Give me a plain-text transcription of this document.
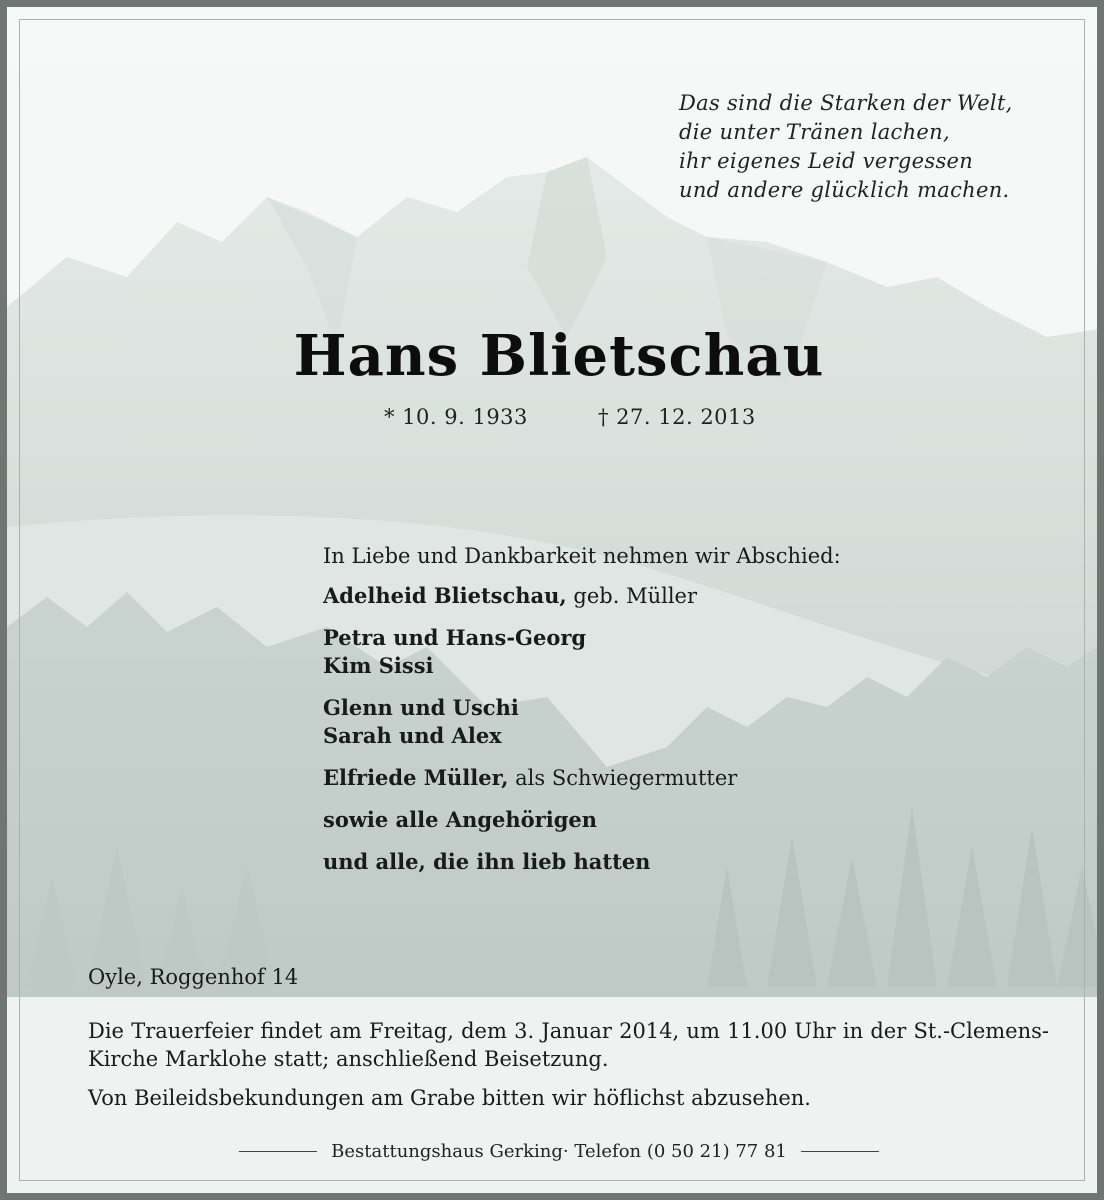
Das sind die Starken der Welt,
die unter Tränen lachen,
ihr eigenes Leid vergessen
und andere glücklich machen.
Hans Blietschau
* 10. 9. 1933	† 27. 12. 2013
In Liebe und Dankbarkeit nehmen wir Abschied:
Adelheid Blietschau, geb. Müller
Petra und Hans-Georg
Kim Sissi
Glenn und Uschi
Sarah und Alex
Elfriede Müller, als Schwiegermutter
sowie alle Angehörigen
und alle, die ihn lieb hatten
Oyle, Roggenhof 14
Die Trauerfeier findet am Freitag, dem 3. Januar 2014, um 11.00 Uhr in der St.-Clemens-Kirche Marklohe statt; anschließend Beisetzung.
Von Beileidsbekundungen am Grabe bitten wir höflichst abzusehen.
Bestattungshaus Gerking· Telefon (0 50 21) 77 81
